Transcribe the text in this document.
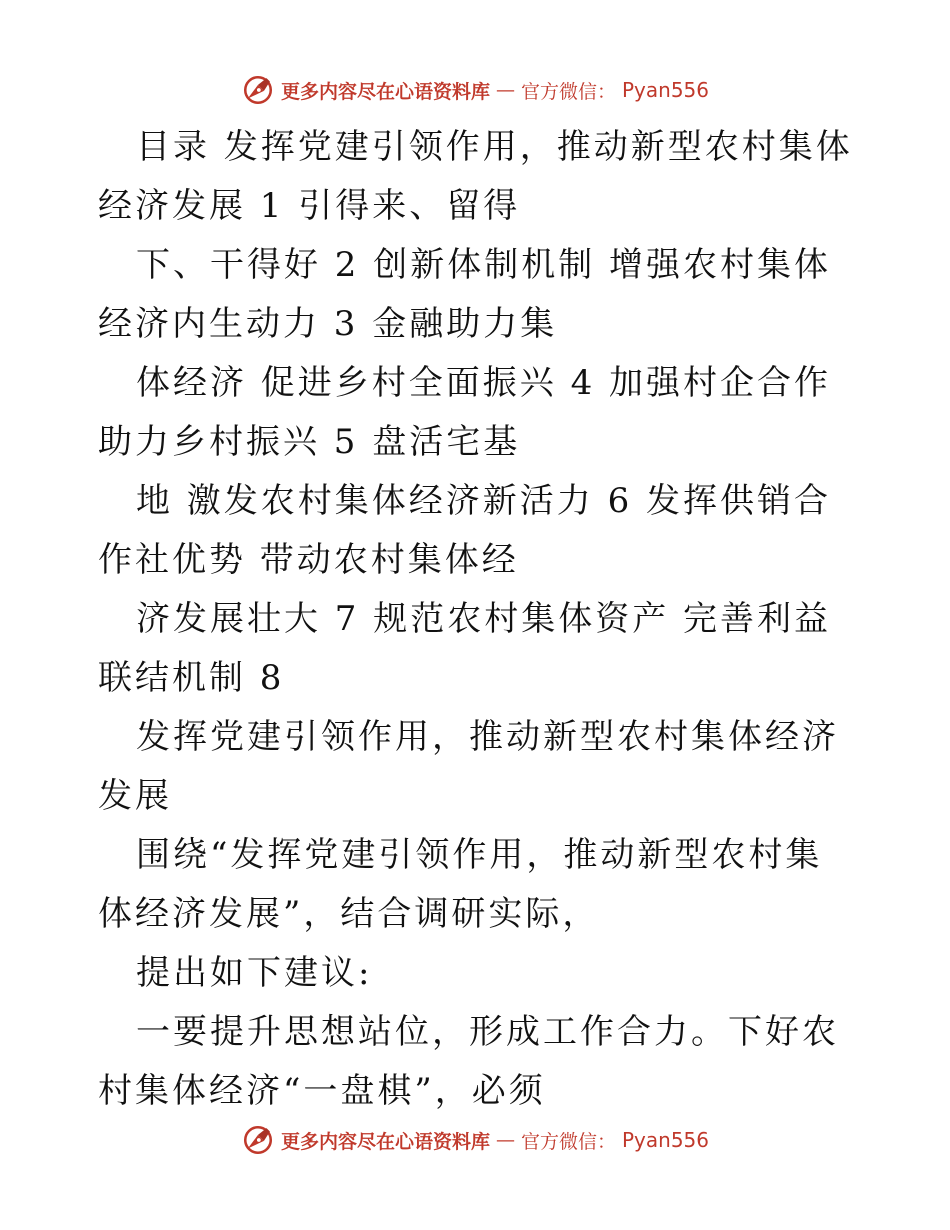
更多内容尽在心语资料库 — 官方微信： Pyan556

目录 发挥党建引领作用，推动新型农村集体经济发展 1 引得来、留得

下、干得好 2 创新体制机制 增强农村集体经济内生动力 3 金融助力集

体经济 促进乡村全面振兴 4 加强村企合作 助力乡村振兴 5 盘活宅基

地 激发农村集体经济新活力 6 发挥供销合作社优势 带动农村集体经

济发展壮大 7 规范农村集体资产 完善利益联结机制 8

发挥党建引领作用，推动新型农村集体经济发展

围绕“发挥党建引领作用，推动新型农村集体经济发展”，结合调研实际，

提出如下建议:

一要提升思想站位，形成工作合力。下好农村集体经济“一盘棋”，必须

更多内容尽在心语资料库 — 官方微信： Pyan556
